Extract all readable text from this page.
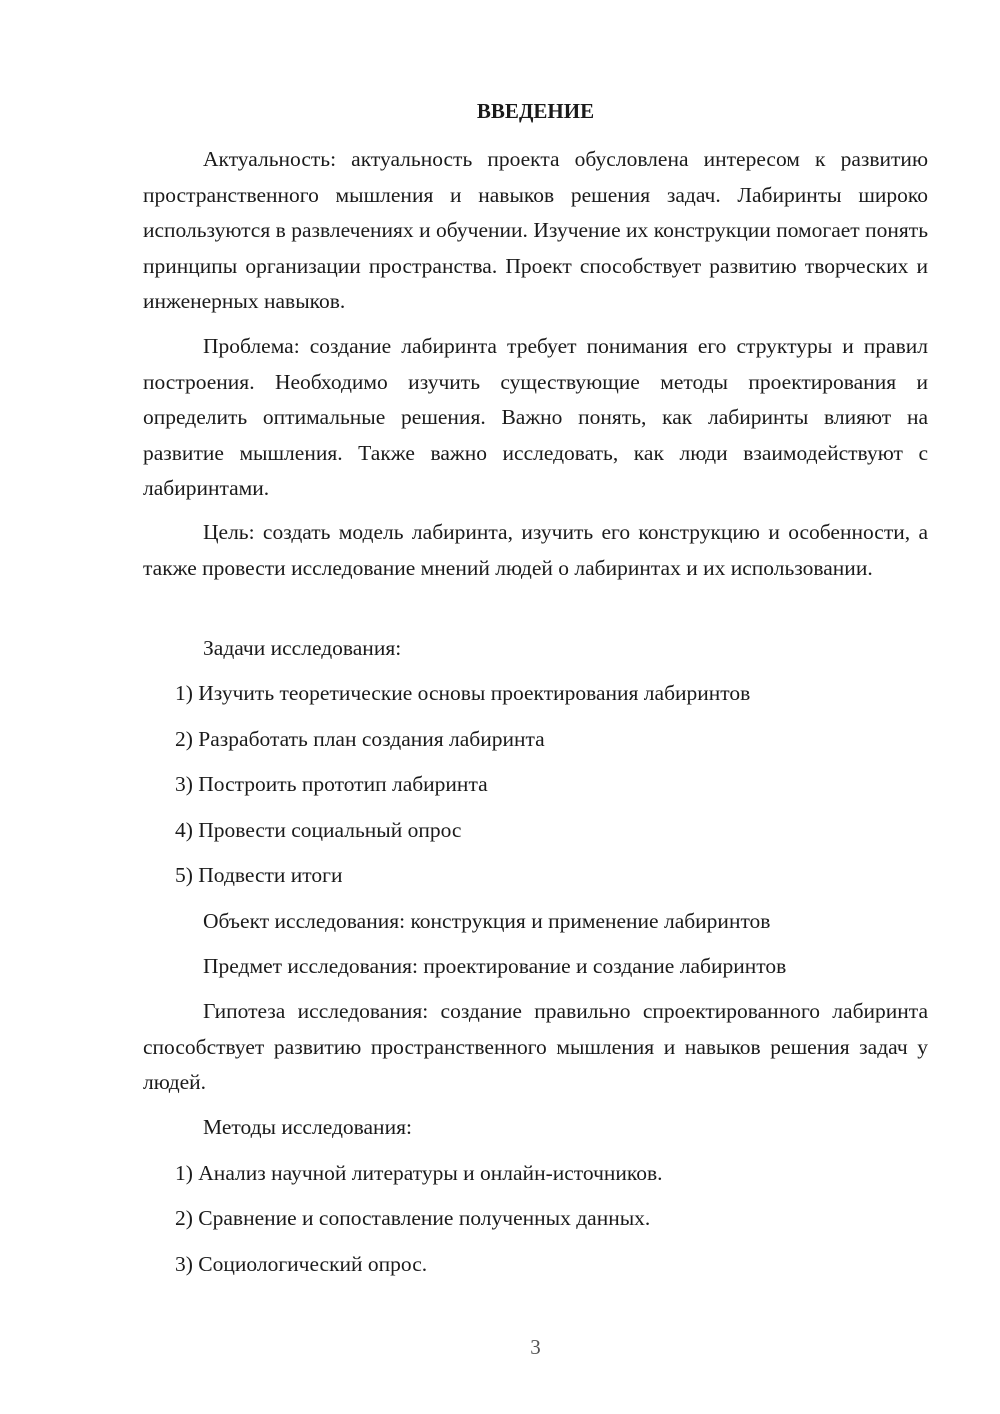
ВВЕДЕНИЕ

Актуальность: актуальность проекта обусловлена интересом к развитию пространственного мышления и навыков решения задач. Лабиринты широко используются в развлечениях и обучении. Изучение их конструкции помогает понять принципы организации пространства. Проект способствует развитию творческих и инженерных навыков.

Проблема: создание лабиринта требует понимания его структуры и правил построения. Необходимо изучить существующие методы проектирования и определить оптимальные решения. Важно понять, как лабиринты влияют на развитие мышления. Также важно исследовать, как люди взаимодействуют с лабиринтами.

Цель: создать модель лабиринта, изучить его конструкцию и особенности, а также провести исследование мнений людей о лабиринтах и их использовании.

Задачи исследования:
1) Изучить теоретические основы проектирования лабиринтов
2) Разработать план создания лабиринта
3) Построить прототип лабиринта
4) Провести социальный опрос
5) Подвести итоги
Объект исследования: конструкция и применение лабиринтов
Предмет исследования: проектирование и создание лабиринтов

Гипотеза исследования: создание правильно спроектированного лабиринта способствует развитию пространственного мышления и навыков решения задач у людей.

Методы исследования:
1) Анализ научной литературы и онлайн-источников.
2) Сравнение и сопоставление полученных данных.
3) Социологический опрос.
3
